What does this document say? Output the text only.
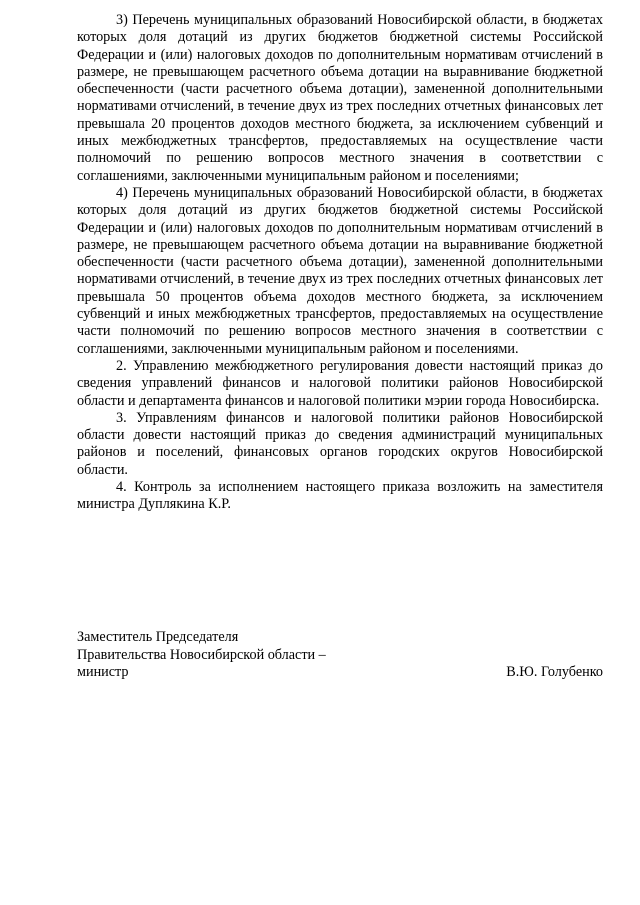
3) Перечень муниципальных образований Новосибирской области, в бюджетах которых доля дотаций из других бюджетов бюджетной системы Российской Федерации и (или) налоговых доходов по дополнительным нормативам отчислений в размере, не превышающем расчетного объема дотации на выравнивание бюджетной обеспеченности (части расчетного объема дотации), замененной дополнительными нормативами отчислений, в течение двух из трех последних отчетных финансовых лет превышала 20 процентов доходов местного бюджета, за исключением субвенций и иных межбюджетных трансфертов, предоставляемых на осуществление части полномочий по решению вопросов местного значения в соответствии с соглашениями, заключенными муниципальным районом и поселениями;

4) Перечень муниципальных образований Новосибирской области, в бюджетах которых доля дотаций из других бюджетов бюджетной системы Российской Федерации и (или) налоговых доходов по дополнительным нормативам отчислений в размере, не превышающем расчетного объема дотации на выравнивание бюджетной обеспеченности (части расчетного объема дотации), замененной дополнительными нормативами отчислений, в течение двух из трех последних отчетных финансовых лет превышала 50 процентов объема доходов местного бюджета, за исключением субвенций и иных межбюджетных трансфертов, предоставляемых на осуществление части полномочий по решению вопросов местного значения в соответствии с соглашениями, заключенными муниципальным районом и поселениями.

2. Управлению межбюджетного регулирования довести настоящий приказ до сведения управлений финансов и налоговой политики районов Новосибирской области и департамента финансов и налоговой политики мэрии города Новосибирска.

3. Управлениям финансов и налоговой политики районов Новосибирской области довести настоящий приказ до сведения администраций муниципальных районов и поселений, финансовых органов городских округов Новосибирской области.

4. Контроль за исполнением настоящего приказа возложить на заместителя министра Дуплякина К.Р.

Заместитель Председателя
Правительства Новосибирской области –
министр	В.Ю. Голубенко
